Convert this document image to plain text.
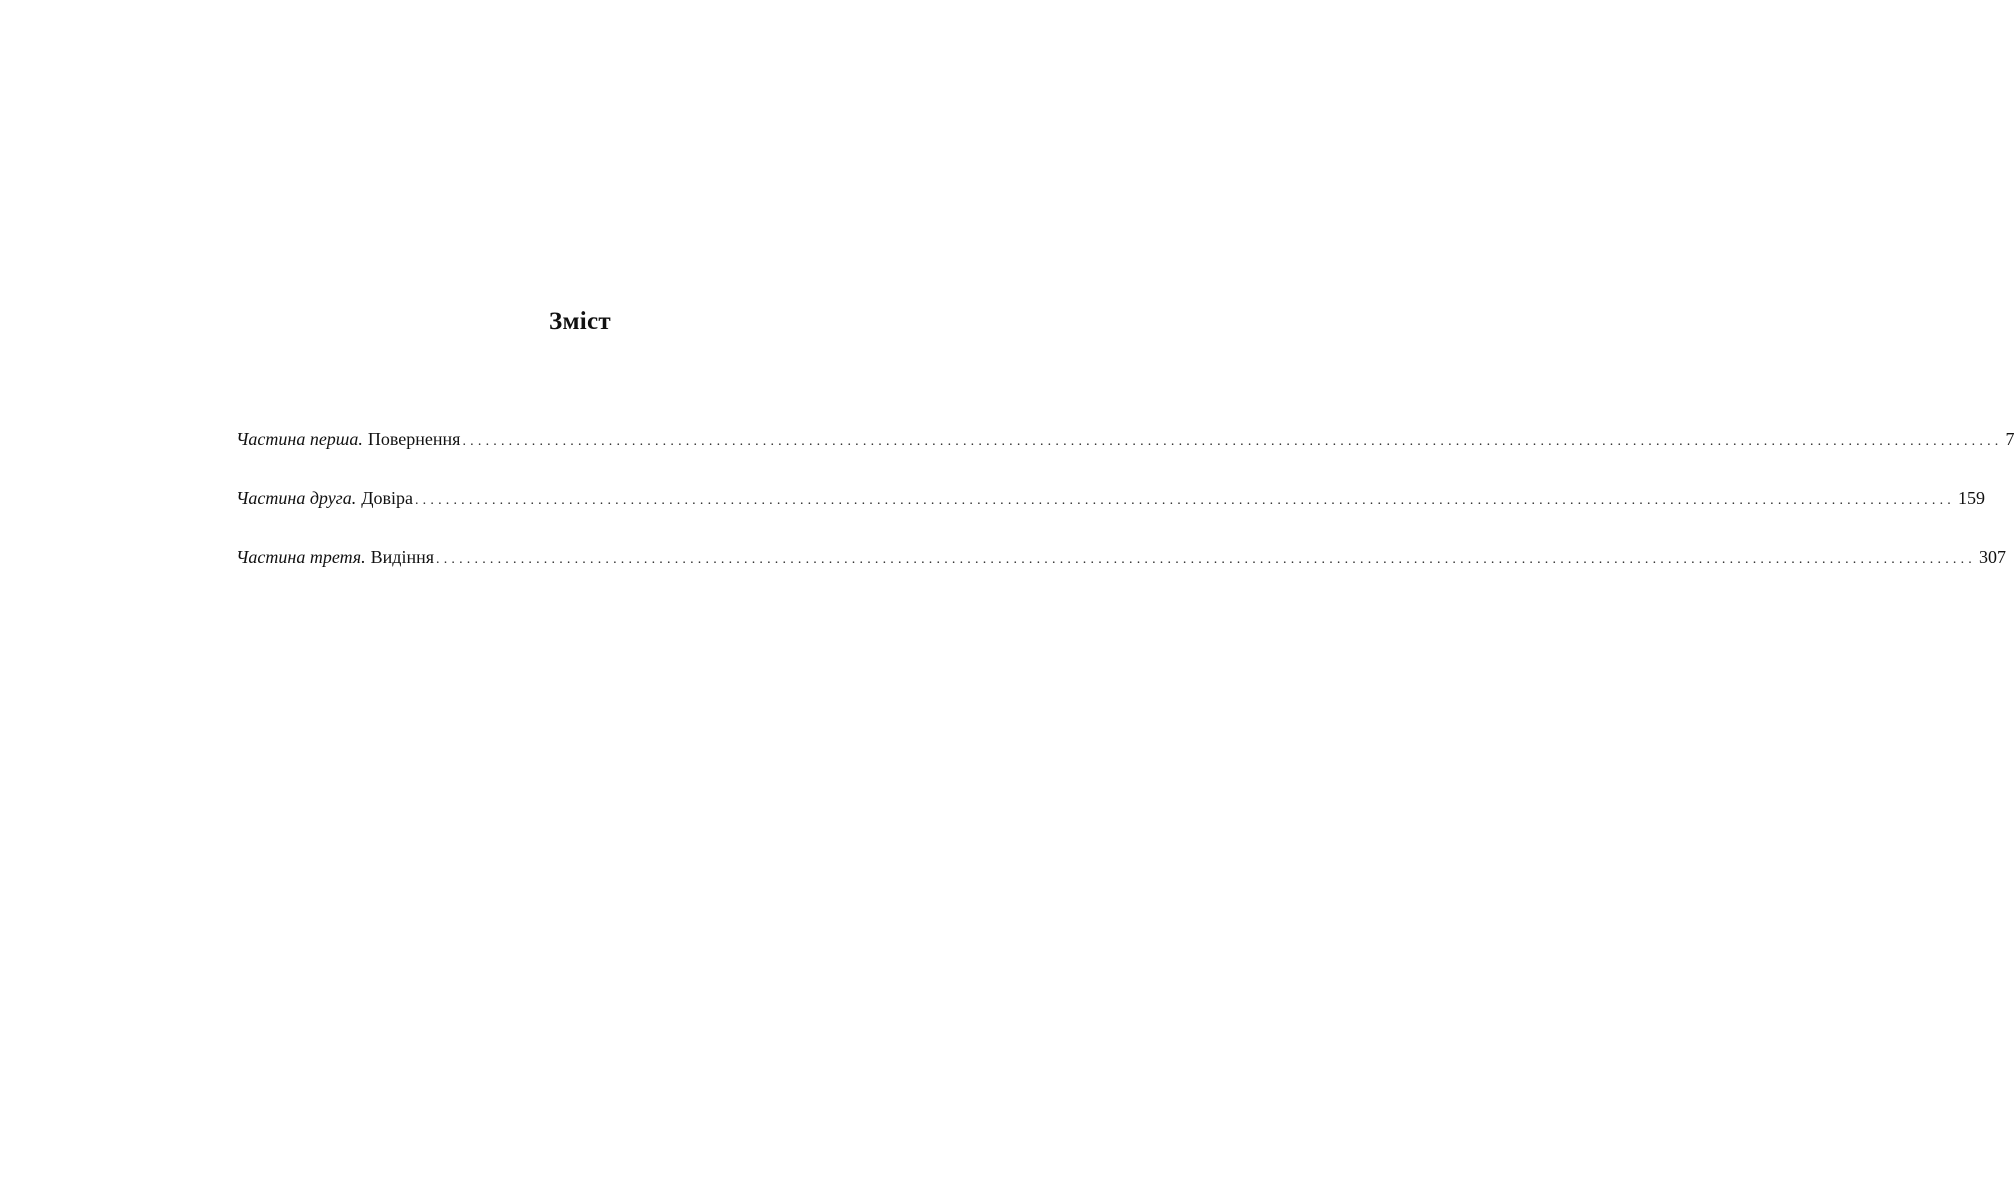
Зміст
Частина перша. Повернення ........................................................................................................................................................................................................ 7
Частина друга. Довіра ........................................................................................................................................................................................................ 159
Частина третя. Видіння ........................................................................................................................................................................................................ 307
